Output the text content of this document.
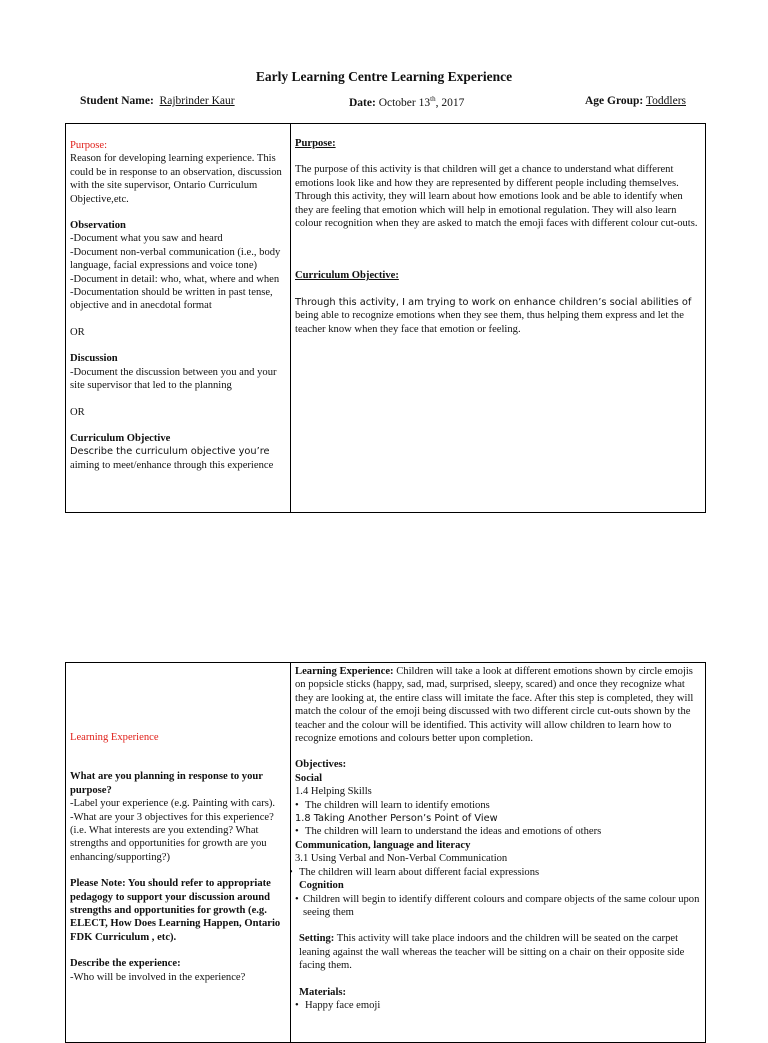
Early Learning Centre Learning Experience
Student Name: Rajbrinder Kaur	Date: October 13th, 2017	Age Group: Toddlers
Purpose:
Reason for developing learning experience. This could be in response to an observation, discussion with the site supervisor, Ontario Curriculum Objective,etc.
Observation
-Document what you saw and heard
-Document non-verbal communication (i.e., body language, facial expressions and voice tone)
-Document in detail: who, what, where and when
-Documentation should be written in past tense, objective and in anecdotal format
OR
Discussion
-Document the discussion between you and your site supervisor that led to the planning
OR
Curriculum Objective
Describe the curriculum objective you’re
aiming to meet/enhance through this experience

Purpose:
The purpose of this activity is that children will get a chance to understand what different emotions look like and how they are represented by different people including themselves. Through this activity, they will learn about how emotions look and be able to identify when they are feeling that emotion which will help in emotional regulation. They will also learn colour recognition when they are asked to match the emoji faces with different colour cut-outs.
Curriculum Objective:
Through this activity, I am trying to work on enhance children’s social abilities of
being able to recognize emotions when they see them, thus helping them express and let the teacher know when they face that emotion or feeling.
Learning Experience
What are you planning in response to your purpose?
-Label your experience (e.g. Painting with cars).
-What are your 3 objectives for this experience? (i.e. What interests are you extending? What strengths and opportunities for growth are you enhancing/supporting?)
Please Note: You should refer to appropriate pedagogy to support your discussion around strengths and opportunities for growth (e.g. ELECT, How Does Learning Happen, Ontario FDK Curriculum , etc).
Describe the experience:
-Who will be involved in the experience?

Learning Experience: Children will take a look at different emotions shown by circle emojis on popsicle sticks (happy, sad, mad, surprised, sleepy, scared) and once they recognize what they are looking at, the entire class will imitate the face. After this step is completed, they will match the colour of the emoji being discussed with two different circle cut-outs shown by the teacher and the colour will be identified. This activity will allow children to learn how to recognize emotions and colours better upon completion.
Objectives:
Social
1.4 Helping Skills
• The children will learn to identify emotions
1.8 Taking Another Person’s Point of View
• The children will learn to understand the ideas and emotions of others
Communication, language and literacy
3.1 Using Verbal and Non-Verbal Communication
• The children will learn about different facial expressions
Cognition
• Children will begin to identify different colours and compare objects of the same colour upon seeing them
Setting: This activity will take place indoors and the children will be seated on the carpet leaning against the wall whereas the teacher will be sitting on a chair on their opposite side facing them.
Materials:
• Happy face emoji
